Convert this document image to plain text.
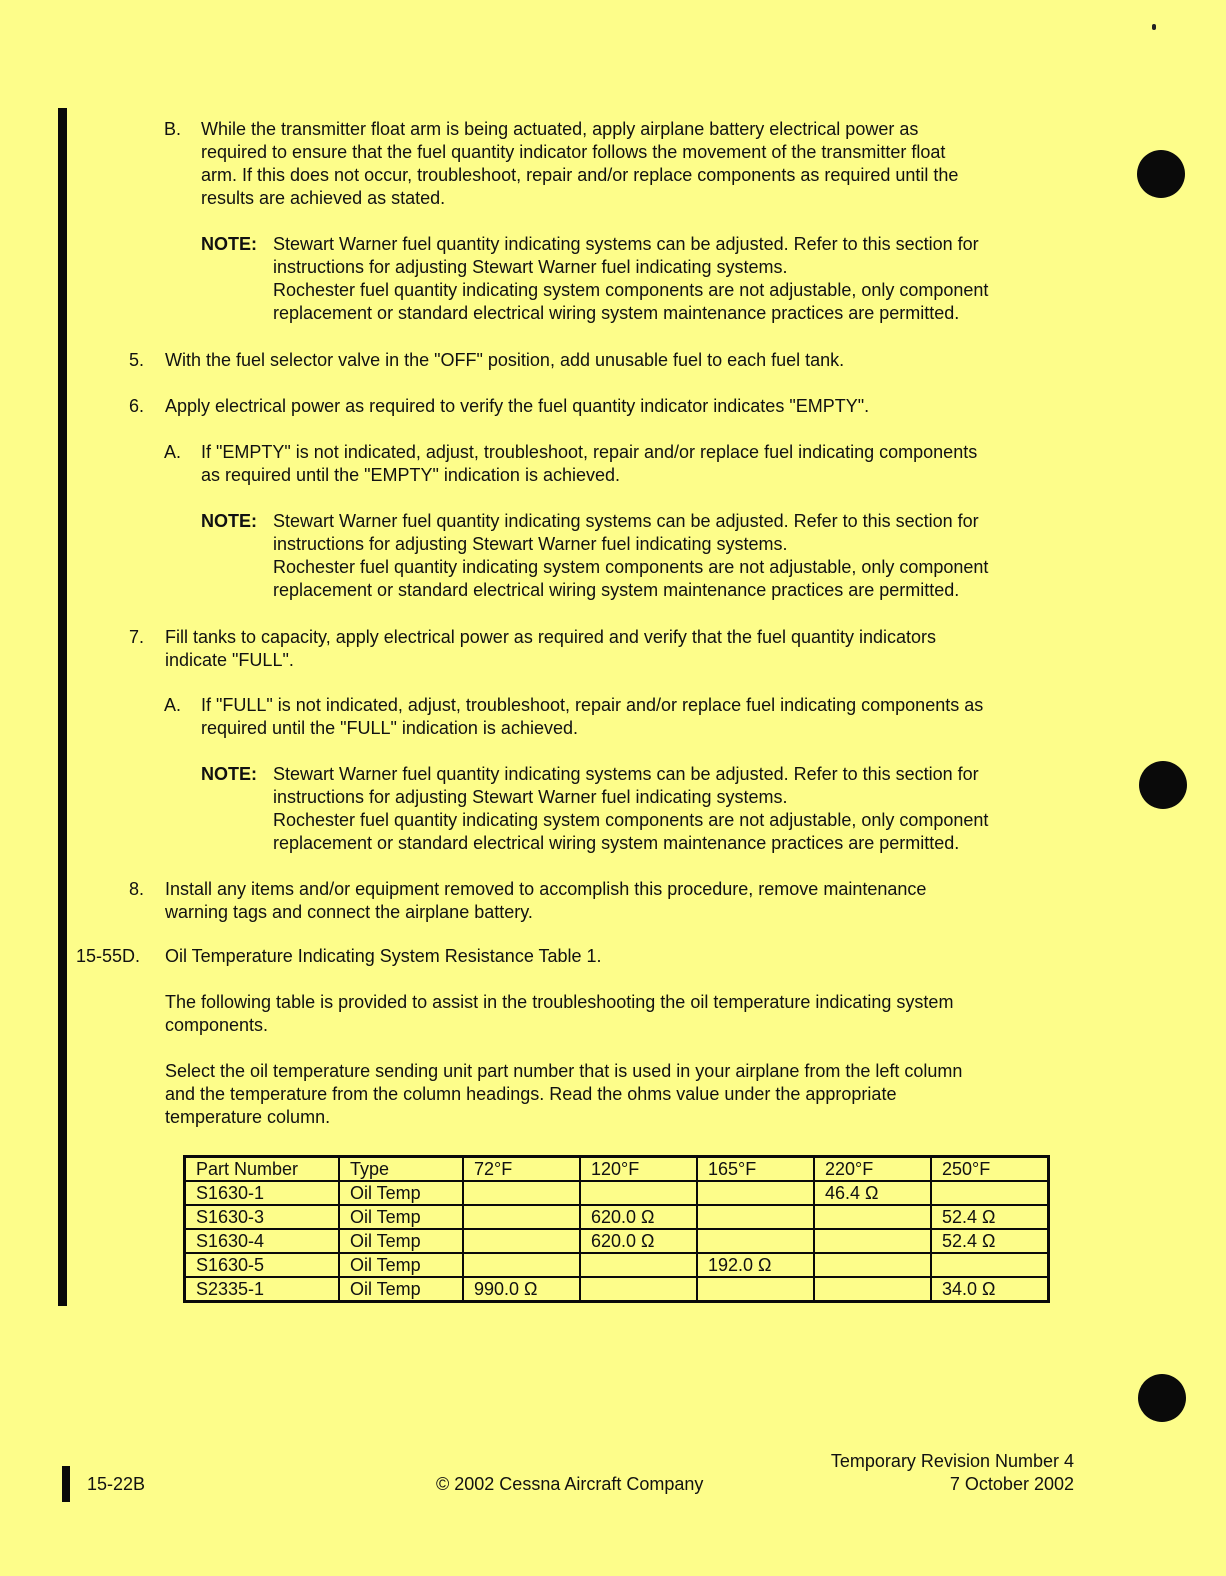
B. While the transmitter float arm is being actuated, apply airplane battery electrical power as
required to ensure that the fuel quantity indicator follows the movement of the transmitter float
arm. If this does not occur, troubleshoot, repair and/or replace components as required until the
results are achieved as stated.
NOTE: Stewart Warner fuel quantity indicating systems can be adjusted. Refer to this section for
instructions for adjusting Stewart Warner fuel indicating systems.
Rochester fuel quantity indicating system components are not adjustable, only component
replacement or standard electrical wiring system maintenance practices are permitted.
5. With the fuel selector valve in the "OFF" position, add unusable fuel to each fuel tank.
6. Apply electrical power as required to verify the fuel quantity indicator indicates "EMPTY".
A. If "EMPTY" is not indicated, adjust, troubleshoot, repair and/or replace fuel indicating components
as required until the "EMPTY" indication is achieved.
NOTE: Stewart Warner fuel quantity indicating systems can be adjusted. Refer to this section for
instructions for adjusting Stewart Warner fuel indicating systems.
Rochester fuel quantity indicating system components are not adjustable, only component
replacement or standard electrical wiring system maintenance practices are permitted.
7. Fill tanks to capacity, apply electrical power as required and verify that the fuel quantity indicators
indicate "FULL".
A. If "FULL" is not indicated, adjust, troubleshoot, repair and/or replace fuel indicating components as
required until the "FULL" indication is achieved.
NOTE: Stewart Warner fuel quantity indicating systems can be adjusted. Refer to this section for
instructions for adjusting Stewart Warner fuel indicating systems.
Rochester fuel quantity indicating system components are not adjustable, only component
replacement or standard electrical wiring system maintenance practices are permitted.
8. Install any items and/or equipment removed to accomplish this procedure, remove maintenance
warning tags and connect the airplane battery.
15-55D. Oil Temperature Indicating System Resistance Table 1.
The following table is provided to assist in the troubleshooting the oil temperature indicating system
components.
Select the oil temperature sending unit part number that is used in your airplane from the left column
and the temperature from the column headings. Read the ohms value under the appropriate
temperature column.
Part Number	Type	72°F	120°F	165°F	220°F	250°F
S1630-1	Oil Temp				46.4 Ω	
S1630-3	Oil Temp		620.0 Ω			52.4 Ω
S1630-4	Oil Temp		620.0 Ω			52.4 Ω
S1630-5	Oil Temp			192.0 Ω		
S2335-1	Oil Temp	990.0 Ω				34.0 Ω
15-22B	© 2002 Cessna Aircraft Company
Temporary Revision Number 4
7 October 2002
